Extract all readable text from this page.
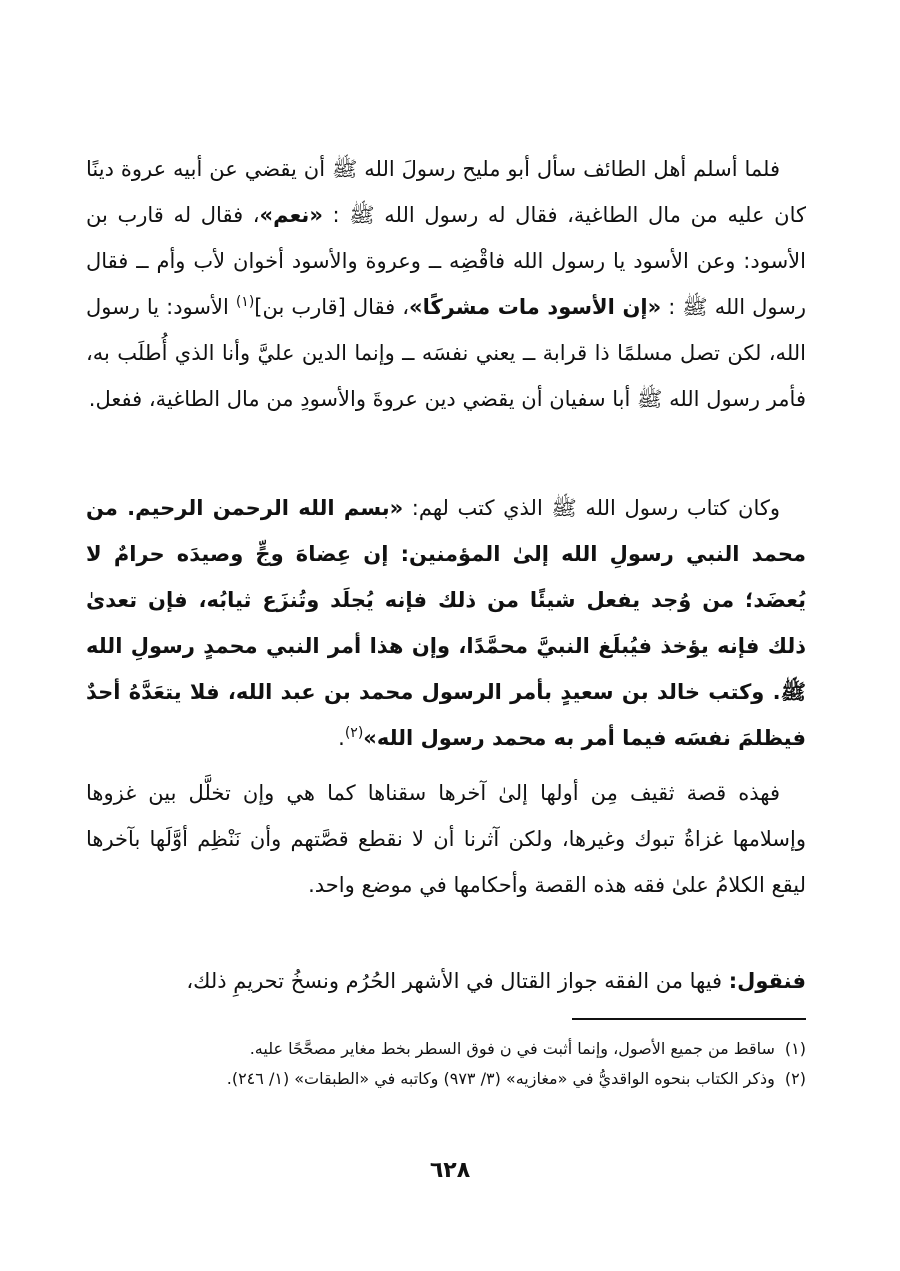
فلما أسلم أهل الطائف سأل أبو مليح رسولَ الله ﷺ أن يقضي عن أبيه عروة دينًا كان عليه من مال الطاغية، فقال له رسول الله ﷺ : «نعم»، فقال له قارب بن الأسود: وعن الأسود يا رسول الله فاقْضِه ــ وعروة والأسود أخوان لأب وأم ــ فقال رسول الله ﷺ : «إن الأسود مات مشركًا»، فقال [قارب بن]$^{(١)}$ الأسود: يا رسول الله، لكن تصل مسلمًا ذا قرابة ــ يعني نفسَه ــ وإنما الدين عليَّ وأنا الذي أُطلَب به، فأمر رسول الله ﷺ أبا سفيان أن يقضي دين عروةَ والأسودِ من مال الطاغية، ففعل.
وكان كتاب رسول الله ﷺ الذي كتب لهم: «بسم الله الرحمن الرحيم. من محمد النبي رسولِ الله إلىٰ المؤمنين: إن عِضاهَ وجٍّ وصيدَه حرامٌ لا يُعضَد؛ من وُجد يفعل شيئًا من ذلك فإنه يُجلَد وتُنزَع ثيابُه، فإن تعدىٰ ذلك فإنه يؤخذ فيُبلَغ النبيَّ محمَّدًا، وإن هذا أمر النبي محمدٍ رسولِ الله ﷺ. وكتب خالد بن سعيدٍ بأمر الرسول محمد بن عبد الله، فلا يتعَدَّهُ أحدٌ فيظلمَ نفسَه فيما أمر به محمد رسول الله»$^{(٢)}$.
فهذه قصة ثقيف مِن أولها إلىٰ آخرها سقناها كما هي وإن تخلَّل بين غزوها وإسلامها غزاةُ تبوك وغيرها، ولكن آثرنا أن لا نقطع قصَّتهم وأن نَنْظِم أوَّلَها بآخرها ليقع الكلامُ علىٰ فقه هذه القصة وأحكامها في موضع واحد.
فنقول: فيها من الفقه جواز القتال في الأشهر الحُرُم ونسخُ تحريمِ ذلك،
(١)
ساقط من جميع الأصول، وإنما أثبت في ن فوق السطر بخط مغاير مصحَّحًا عليه.
(٢)
وذكر الكتاب بنحوه الواقديُّ في «مغازيه» (٣/ ٩٧٣) وكاتبه في «الطبقات» (١/ ٢٤٦).
٦٢٨
